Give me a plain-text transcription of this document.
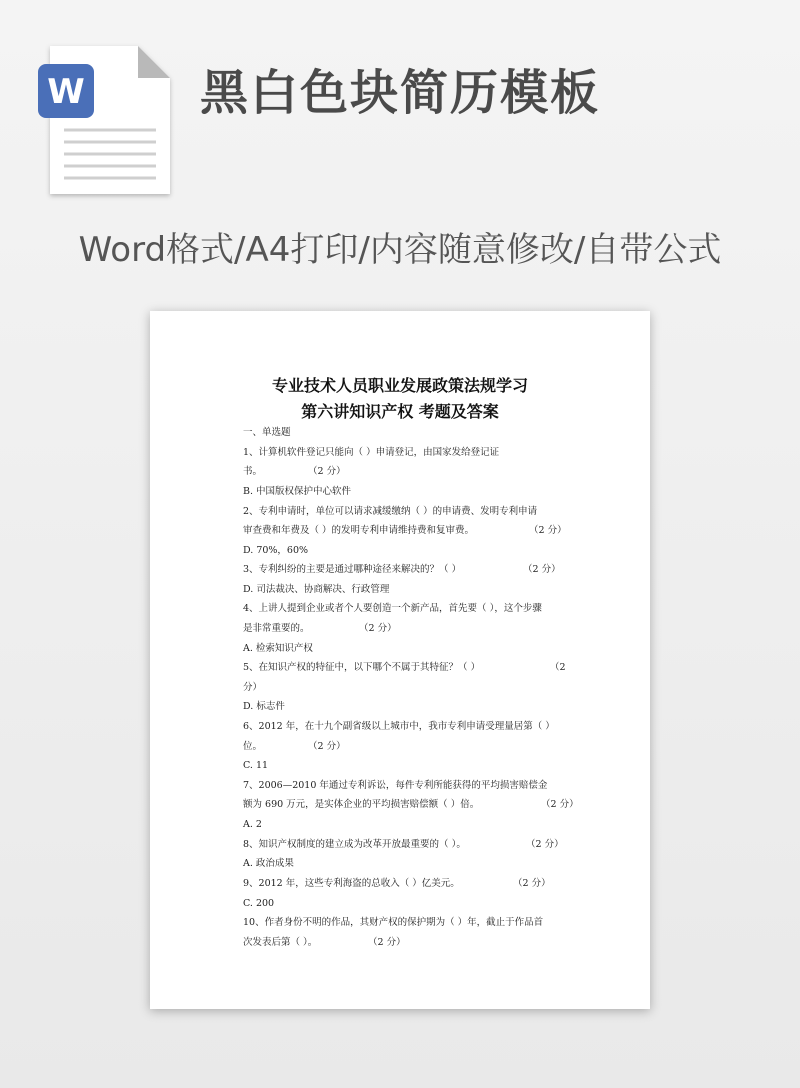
W 黑白色块简历模板
Word格式/A4打印/内容随意修改/自带公式
专业技术人员职业发展政策法规学习
第六讲知识产权 考题及答案
一、单选题
1、计算机软件登记只能向（ ）申请登记，由国家发给登记证
书。	（2 分）
B. 中国版权保护中心软件
2、专利申请时，单位可以请求减缓缴纳（ ）的申请费、发明专利申请
审查费和年费及（ ）的发明专利申请维持费和复审费。	（2 分）
D. 70%，60%
3、专利纠纷的主要是通过哪种途径来解决的？（ ）	（2 分）
D. 司法裁决、协商解决、行政管理
4、上讲人提到企业或者个人要创造一个新产品，首先要（ ），这个步骤
是非常重要的。	（2 分）
A. 检索知识产权
5、在知识产权的特征中，以下哪个不属于其特征？（ ）	（2
分）
D. 标志件
6、2012 年，在十九个副省级以上城市中，我市专利申请受理量居第（ ）
位。	（2 分）
C. 11
7、2006—2010 年通过专利诉讼，每件专利所能获得的平均损害赔偿金
额为 690 万元，是实体企业的平均损害赔偿额（ ）倍。	（2 分）
A. 2
8、知识产权制度的建立成为改革开放最重要的（ ）。	（2 分）
A. 政治成果
9、2012 年，这些专利海盗的总收入（ ）亿美元。	（2 分）
C. 200
10、作者身份不明的作品，其财产权的保护期为（ ）年，截止于作品首
次发表后第（ ）。	（2 分）
